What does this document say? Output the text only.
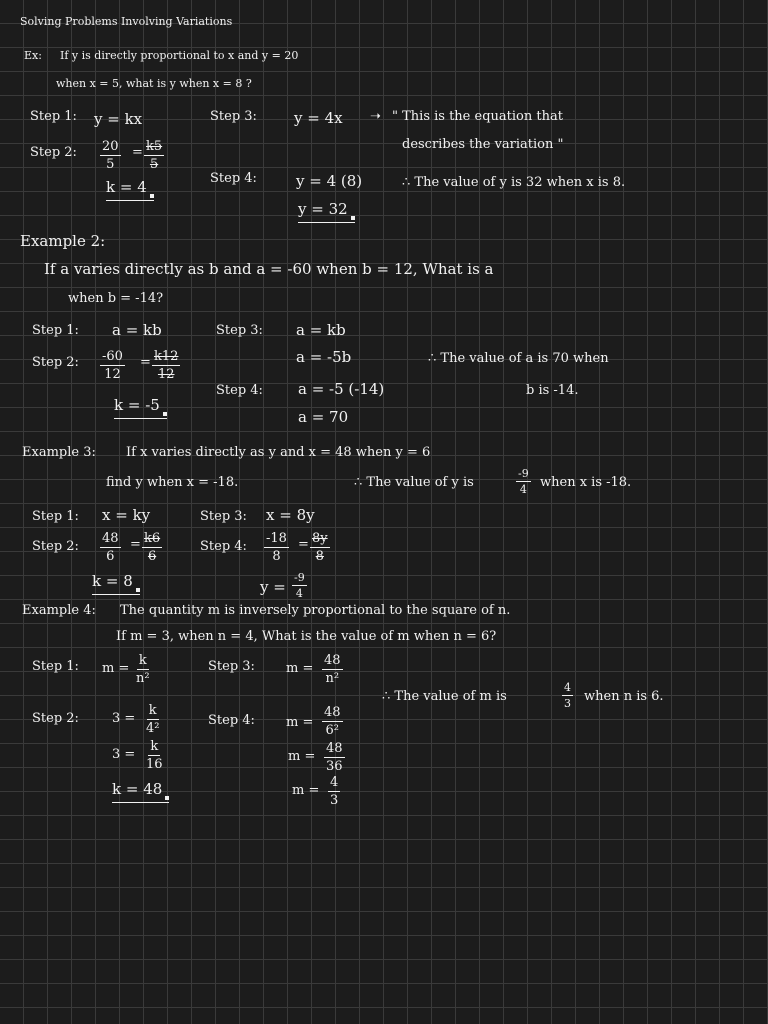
Solving Problems Involving Variations
Ex: If y is directly proportional to x and y = 20
when x = 5, what is y when x = 8 ?
Step 1: y = kx
Step 2: $\frac{20}{5} = \frac{k5}{5}$
k = 4
Step 3: y = 4x ➝ " This is the equation that
describes the variation "
Step 4:	y = 4 (8)
y = 32
∴ The value of y is 32 when x is 8.
Example 2:
If a varies directly as b and a = -60 when b = 12, What is a
when b = -14?
Step 1: a = kb
Step 2: $\frac{-60}{12} = \frac{k12}{12}$
k = -5
Step 3: a = kb
a = -5b
Step 4: a = -5 (-14)
a = 70
∴ The value of a is 70 when
b is -14.
Example 3: If x varies directly as y and x = 48 when y = 6
find y when x = -18.	∴ The value of y is	$\frac{-9}{4}$ when x is -18.
Step 1: x = ky
Step 2: $\frac{48}{6} = \frac{k6}{6}$
k = 8
Step 3: x = 8y
Step 4: $\frac{-18}{8} = \frac{8y}{8}$
$y = \frac{-9}{4}$
Example 4: The quantity m is inversely proportional to the square of n.
If m = 3, when n = 4, What is the value of m when n = 6?
Step 1: $m = \frac{k}{\text{n²}}$
Step 2:	$3 = \frac{k}{\text{4²}}$
$3 = \frac{k}{16}$
k = 48
Step 3: $m = \frac{48}{\text{n²}}$
Step 4: $m = \frac{48}{\text{6²}}$
$m = \frac{48}{36}$
$m = \frac{4}{3}$
∴ The value of m is	$\frac{4}{3}$ when n is 6.
